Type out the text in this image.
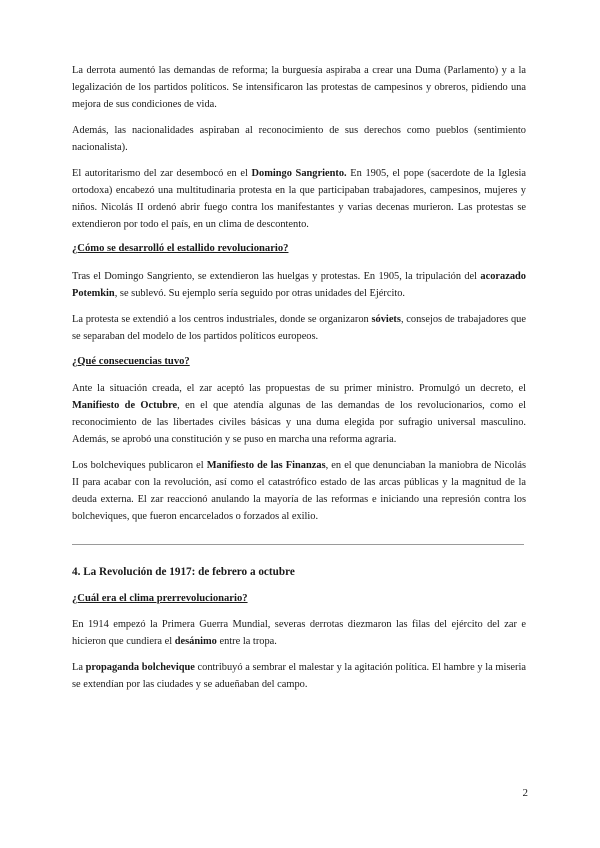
La derrota aumentó las demandas de reforma; la burguesía aspiraba a crear una Duma (Parlamento) y a la legalización de los partidos políticos. Se intensificaron las protestas de campesinos y obreros, pidiendo una mejora de sus condiciones de vida.

Además, las nacionalidades aspiraban al reconocimiento de sus derechos como pueblos (sentimiento nacionalista).

El autoritarismo del zar desembocó en el Domingo Sangriento. En 1905, el pope (sacerdote de la Iglesia ortodoxa) encabezó una multitudinaria protesta en la que participaban trabajadores, campesinos, mujeres y niños. Nicolás II ordenó abrir fuego contra los manifestantes y varias decenas murieron. Las protestas se extendieron por todo el país, en un clima de descontento.

¿Cómo se desarrolló el estallido revolucionario?

Tras el Domingo Sangriento, se extendieron las huelgas y protestas. En 1905, la tripulación del acorazado Potemkin, se sublevó. Su ejemplo sería seguido por otras unidades del Ejército.

La protesta se extendió a los centros industriales, donde se organizaron sóviets, consejos de trabajadores que se separaban del modelo de los partidos políticos europeos.

¿Qué consecuencias tuvo?

Ante la situación creada, el zar aceptó las propuestas de su primer ministro. Promulgó un decreto, el Manifiesto de Octubre, en el que atendía algunas de las demandas de los revolucionarios, como el reconocimiento de las libertades civiles básicas y una duma elegida por sufragio universal masculino. Además, se aprobó una constitución y se puso en marcha una reforma agraria.

Los bolcheviques publicaron el Manifiesto de las Finanzas, en el que denunciaban la maniobra de Nicolás II para acabar con la revolución, así como el catastrófico estado de las arcas públicas y la magnitud de la deuda externa. El zar reaccionó anulando la mayoría de las reformas e iniciando una represión contra los bolcheviques, que fueron encarcelados o forzados al exilio.

4. La Revolución de 1917: de febrero a octubre

¿Cuál era el clima prerrevolucionario?

En 1914 empezó la Primera Guerra Mundial, severas derrotas diezmaron las filas del ejército del zar e hicieron que cundiera el desánimo entre la tropa.

La propaganda bolchevique contribuyó a sembrar el malestar y la agitación política. El hambre y la miseria se extendían por las ciudades y se adueñaban del campo.

2
